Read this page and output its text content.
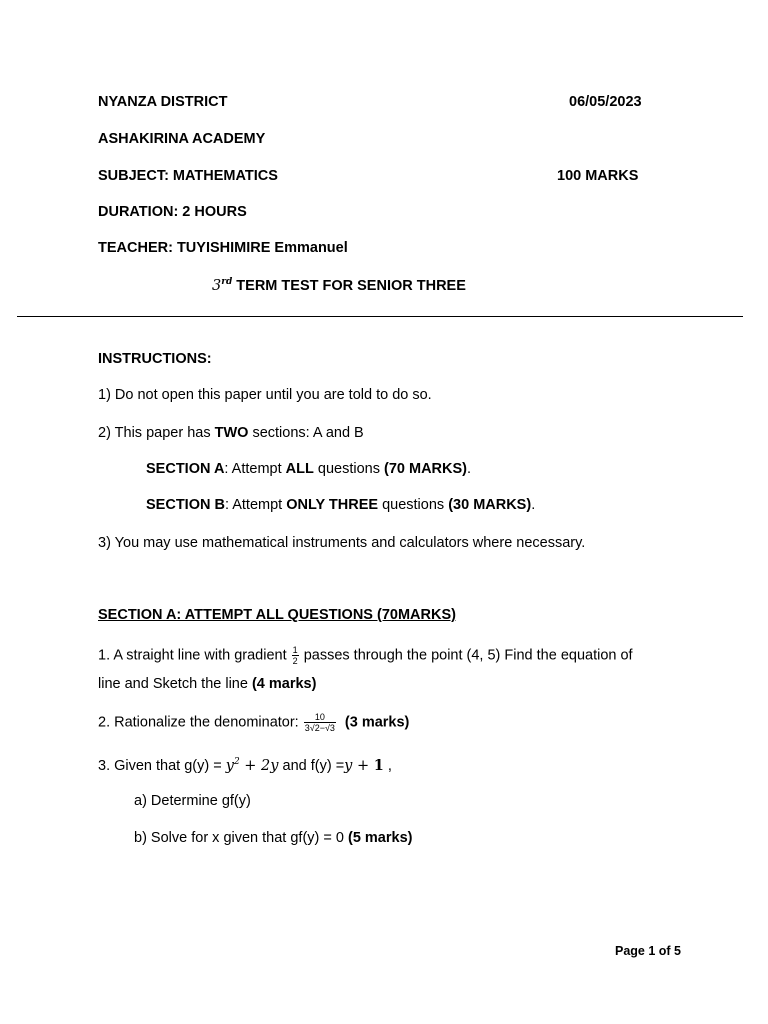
NYANZA DISTRICT	06/05/2023
ASHAKIRINA ACADEMY
SUBJECT: MATHEMATICS	100 MARKS
DURATION: 2 HOURS
TEACHER: TUYISHIMIRE Emmanuel
3rd TERM TEST FOR SENIOR THREE
INSTRUCTIONS:
1) Do not open this paper until you are told to do so.
2) This paper has TWO sections: A and B
SECTION A: Attempt ALL questions (70 MARKS).
SECTION B: Attempt ONLY THREE questions (30 MARKS).
3) You may use mathematical instruments and calculators where necessary.
SECTION A: ATTEMPT ALL QUESTIONS (70MARKS)
1. A straight line with gradient $\frac{1}{2}$ passes through the point (4, 5) Find the equation of
line and Sketch the line (4 marks)
2. Rationalize the denominator: $\frac{10}{3√2-√3} (3$ marks)
3. Given that $g(y) = y^2 + 2y$ and f(y) =y + 1 ,
a) Determine gf(y)
b) Solve for x given that gf(y) = 0 (5 marks)
Page 1 of 5
